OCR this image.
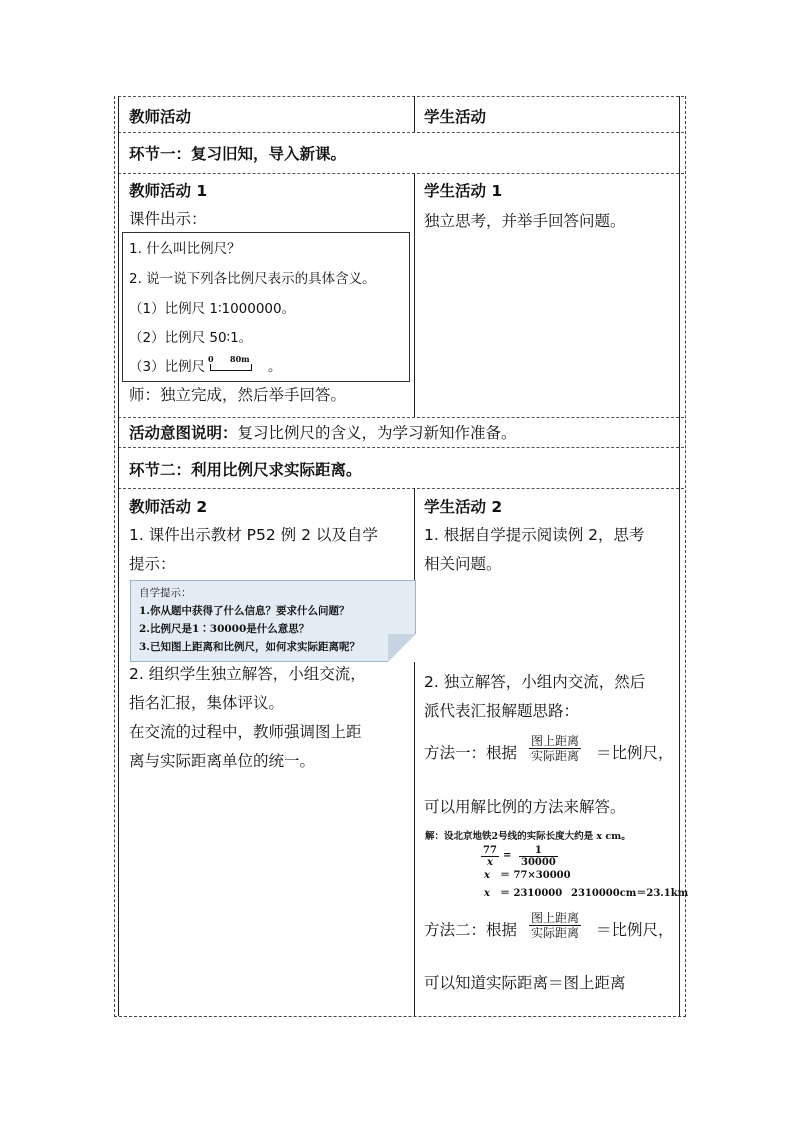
教师活动	学生活动
环节一：复习旧知，导入新课。
教师活动 1
课件出示：
1. 什么叫比例尺？
2. 说一说下列各比例尺表示的具体含义。
（1）比例尺 1∶1000000。
（2）比例尺 50∶1。
（3）比例尺 0 80m 。
师：独立完成，然后举手回答。
学生活动 1
独立思考，并举手回答问题。
活动意图说明：复习比例尺的含义，为学习新知作准备。
环节二：利用比例尺求实际距离。
教师活动 2
1. 课件出示教材 P52 例 2 以及自学
提示：
自学提示：
1.你从题中获得了什么信息？要求什么问题？
2.比例尺是1∶30000是什么意思？
3.已知图上距离和比例尺，如何求实际距离呢？
2. 组织学生独立解答，小组交流，
指名汇报，集体评议。
在交流的过程中，教师强调图上距
离与实际距离单位的统一。
学生活动 2
1. 根据自学提示阅读例 2，思考
相关问题。
2. 独立解答，小组内交流，然后
派代表汇报解题思路：
方法一：根据
图上距离
实际距离 ＝比例尺，
可以用解比例的方法来解答。
解：设北京地铁2号线的实际长度大约是 x cm。
$\frac{77}{x} = \frac{1}{30000}$
x ＝ 77×30000
x ＝ 2310000 2310000cm＝23.1km
方法二：根据
图上距离
实际距离 ＝比例尺，
可以知道实际距离＝图上距离
